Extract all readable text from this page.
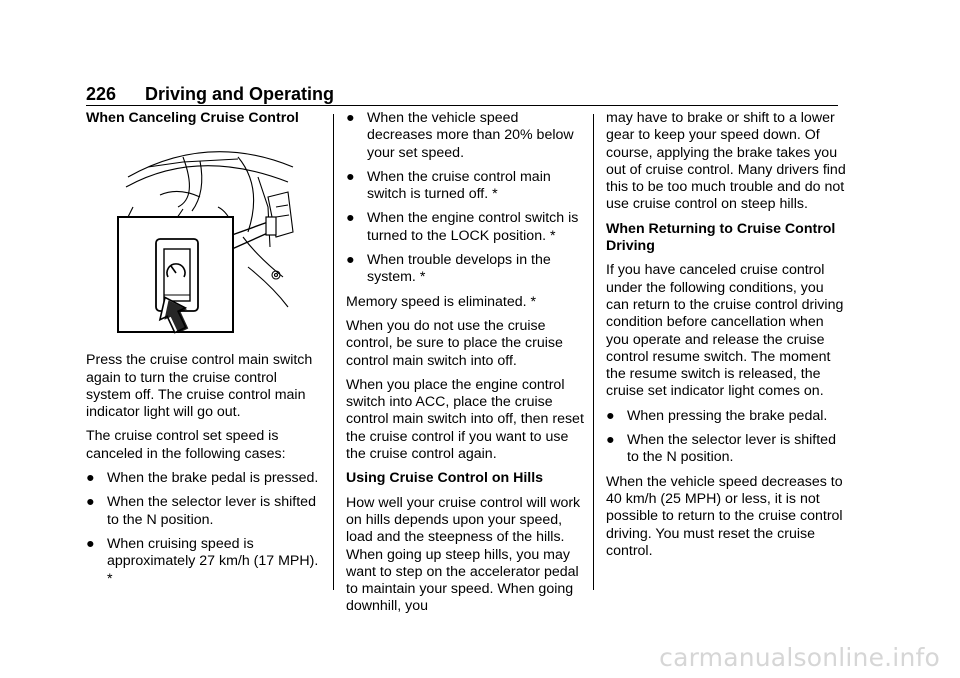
226 Driving and Operating

When Canceling Cruise Control

Press the cruise control main switch again to turn the cruise control system off. The cruise control main indicator light will go out.

The cruise control set speed is canceled in the following cases:

● When the brake pedal is pressed.
● When the selector lever is shifted to the N position.
● When cruising speed is approximately 27 km/h (17 MPH). *
● When the vehicle speed decreases more than 20% below your set speed.
● When the cruise control main switch is turned off. *
● When the engine control switch is turned to the LOCK position. *
● When trouble develops in the system. *

Memory speed is eliminated. *

When you do not use the cruise control, be sure to place the cruise control main switch into off.

When you place the engine control switch into ACC, place the cruise control main switch into off, then reset the cruise control if you want to use the cruise control again.

Using Cruise Control on Hills

How well your cruise control will work on hills depends upon your speed, load and the steepness of the hills. When going up steep hills, you may want to step on the accelerator pedal to maintain your speed. When going downhill, you

may have to brake or shift to a lower gear to keep your speed down. Of course, applying the brake takes you out of cruise control. Many drivers find this to be too much trouble and do not use cruise control on steep hills.

When Returning to Cruise Control Driving

If you have canceled cruise control under the following conditions, you can return to the cruise control driving condition before cancellation when you operate and release the cruise control resume switch. The moment the resume switch is released, the cruise set indicator light comes on.

● When pressing the brake pedal.
● When the selector lever is shifted to the N position.

When the vehicle speed decreases to 40 km/h (25 MPH) or less, it is not possible to return to the cruise control driving. You must reset the cruise control.

carmanualsonline.info
